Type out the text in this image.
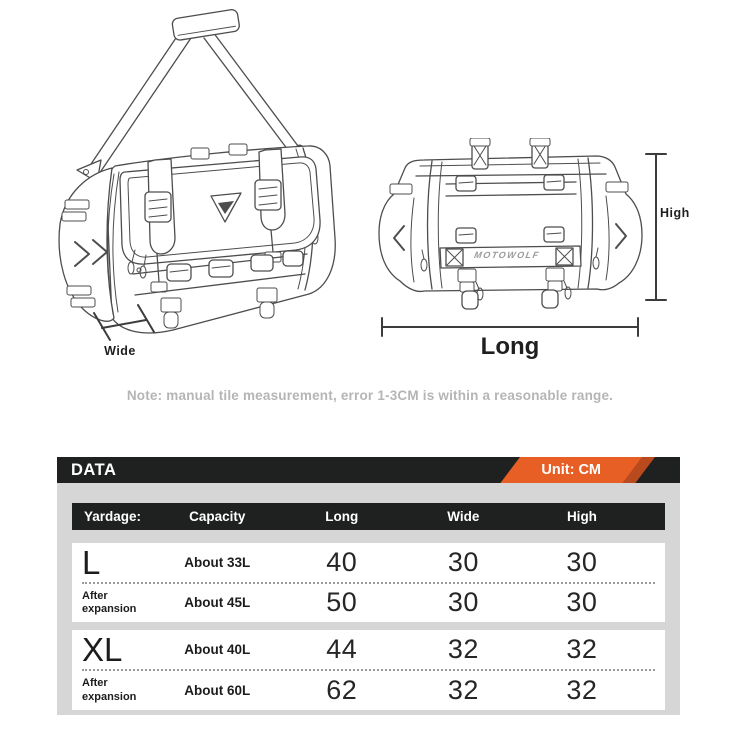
MOTOWOLF
Wide
High
Long
Note: manual tile measurement, error 1-3CM is within a reasonable range.
DATA	Unit: CM
Yardage:	Capacity	Long	Wide	High
L	About 33L	40	30	30
After expansion	About 45L	50	30	30
XL	About 40L	44	32	32
After expansion	About 60L	62	32	32
